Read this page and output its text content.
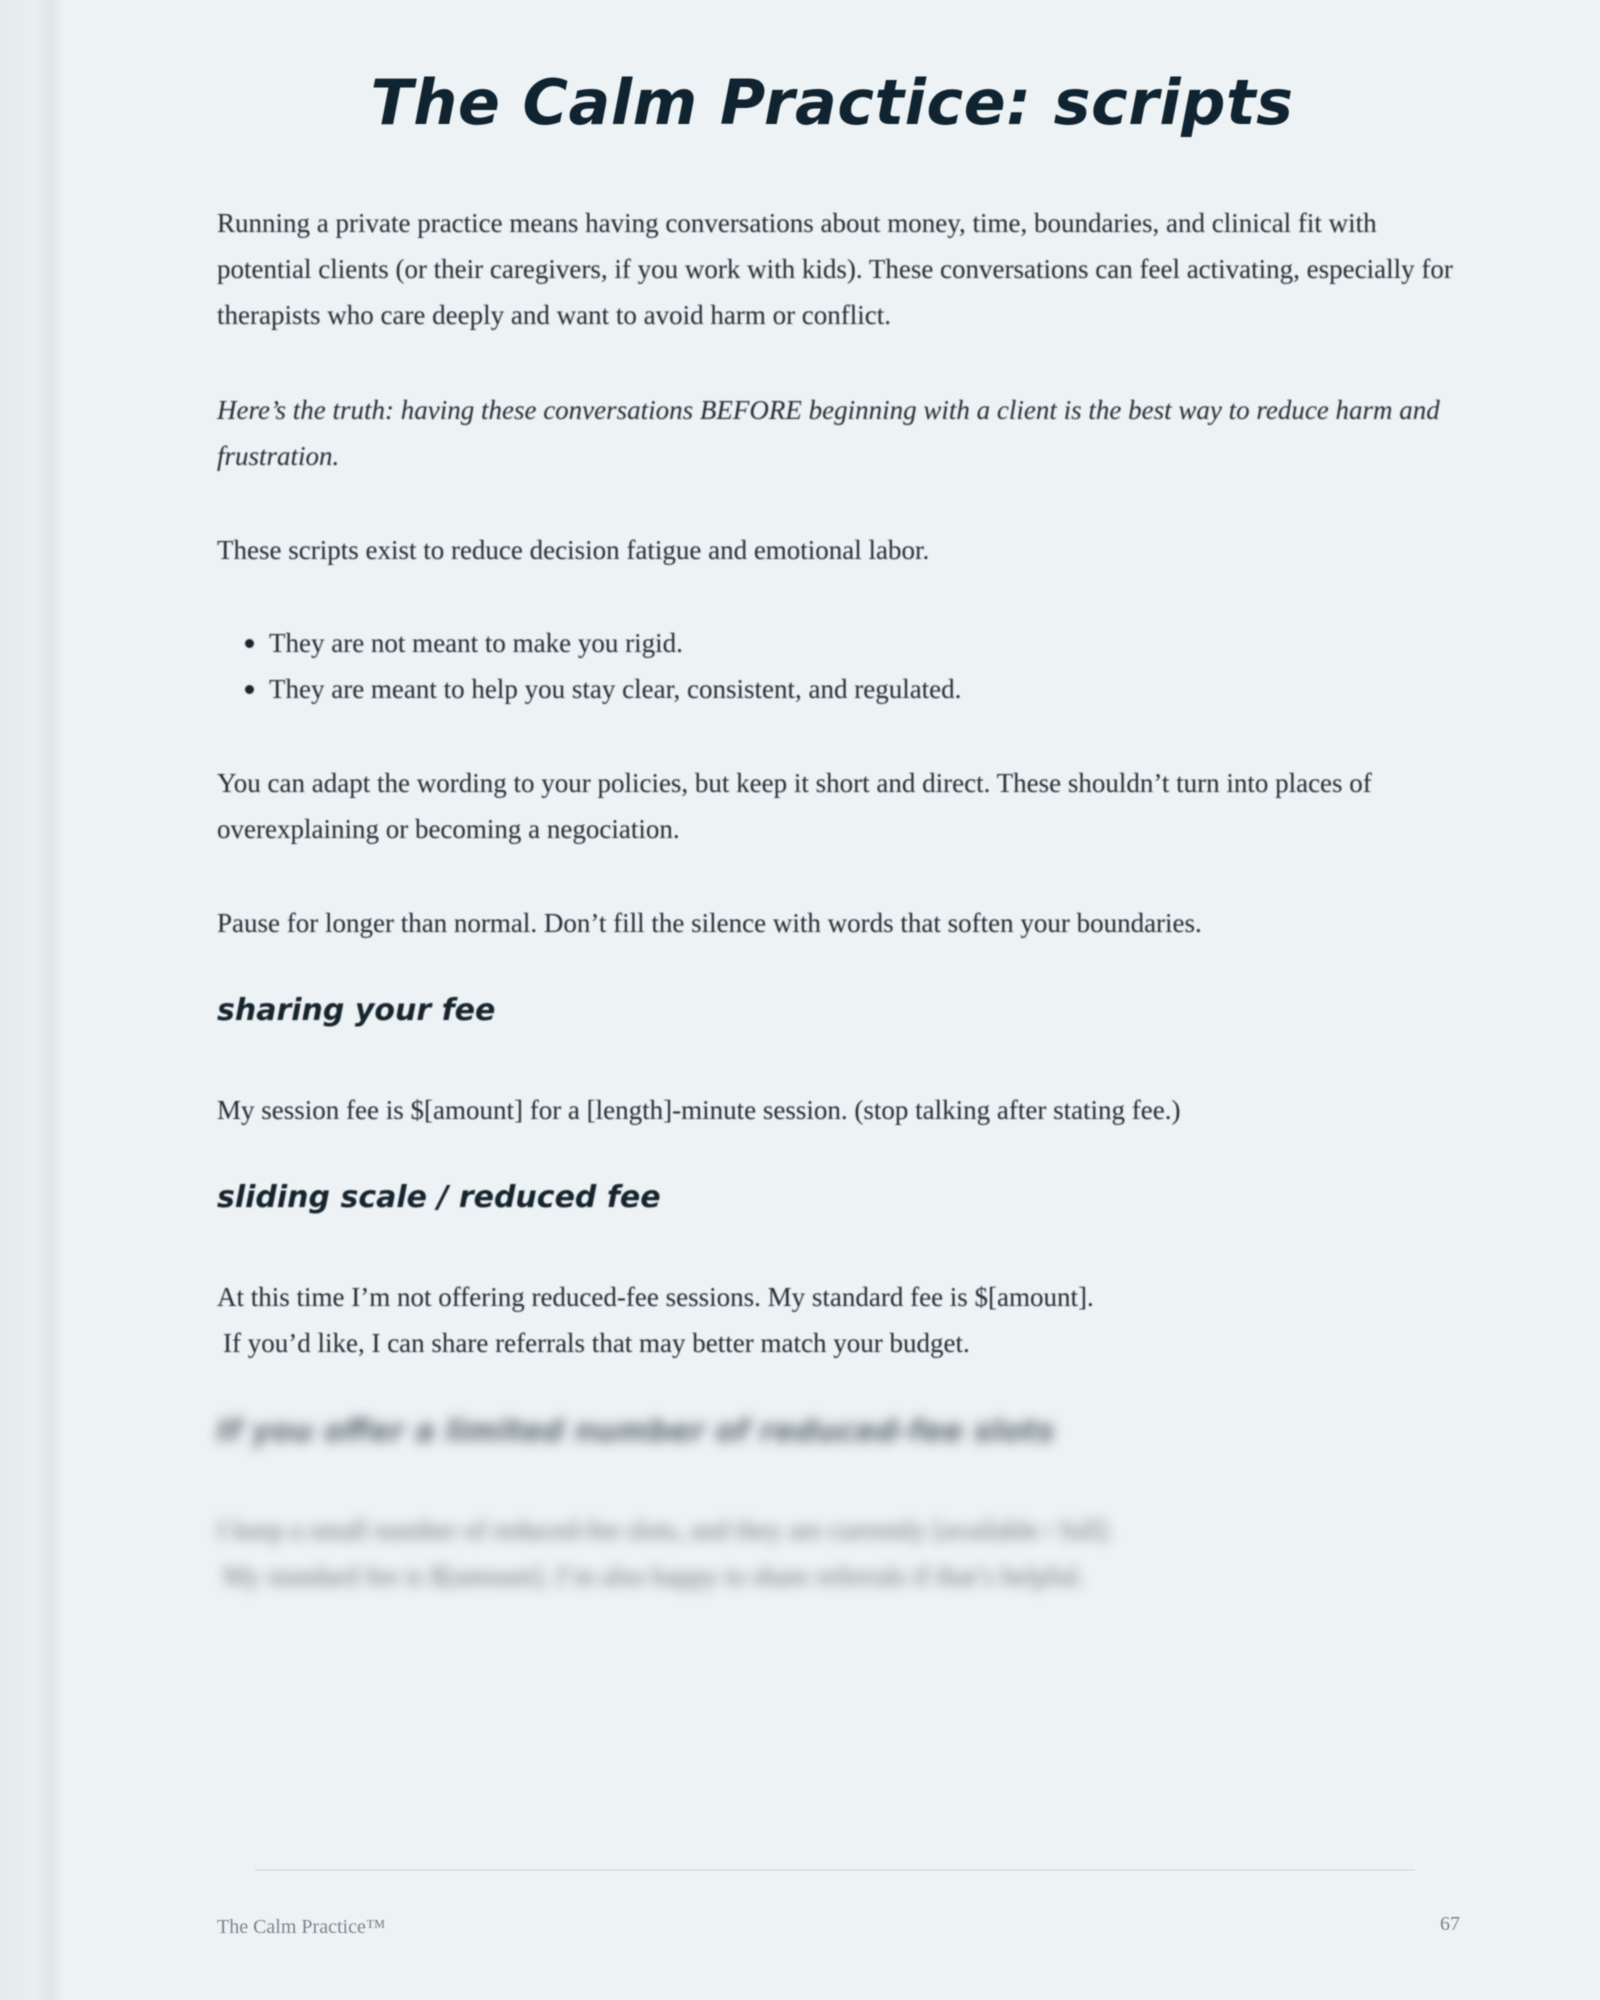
The Calm Practice: scripts

Running a private practice means having conversations about money, time, boundaries, and clinical fit with potential clients (or their caregivers, if you work with kids). These conversations can feel activating, especially for therapists who care deeply and want to avoid harm or conflict.

Here’s the truth: having these conversations BEFORE beginning with a client is the best way to reduce harm and frustration.

These scripts exist to reduce decision fatigue and emotional labor.

They are not meant to make you rigid.
They are meant to help you stay clear, consistent, and regulated.

You can adapt the wording to your policies, but keep it short and direct. These shouldn’t turn into places of overexplaining or becoming a negociation.

Pause for longer than normal. Don’t fill the silence with words that soften your boundaries.

sharing your fee

My session fee is $[amount] for a [length]-minute session. (stop talking after stating fee.)

sliding scale / reduced fee

At this time I’m not offering reduced-fee sessions. My standard fee is $[amount].

If you’d like, I can share referrals that may better match your budget.

If you offer a limited number of reduced-fee slots

I keep a small number of reduced-fee slots, and they are currently [available / full].

My standard fee is $[amount]. I’m also happy to share referrals if that’s helpful.

The Calm Practice™	67
